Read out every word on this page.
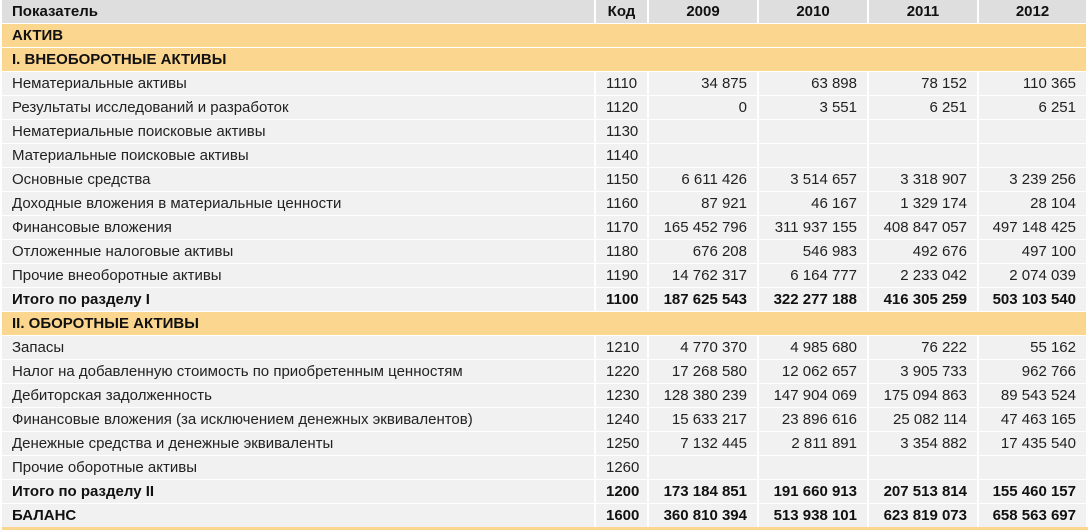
Показатель	Код	2009	2010	2011	2012
АКТИВ					
I. ВНЕОБОРОТНЫЕ АКТИВЫ					
Нематериальные активы	1110	34 875	63 898	78 152	110 365
Результаты исследований и разработок	1120	0	3 551	6 251	6 251
Нематериальные поисковые активы	1130				
Материальные поисковые активы	1140				
Основные средства	1150	6 611 426	3 514 657	3 318 907	3 239 256
Доходные вложения в материальные ценности	1160	87 921	46 167	1 329 174	28 104
Финансовые вложения	1170	165 452 796	311 937 155	408 847 057	497 148 425
Отложенные налоговые активы	1180	676 208	546 983	492 676	497 100
Прочие внеоборотные активы	1190	14 762 317	6 164 777	2 233 042	2 074 039
Итого по разделу I	1100	187 625 543	322 277 188	416 305 259	503 103 540
II. ОБОРОТНЫЕ АКТИВЫ					
Запасы	1210	4 770 370	4 985 680	76 222	55 162
Налог на добавленную стоимость по приобретенным ценностям	1220	17 268 580	12 062 657	3 905 733	962 766
Дебиторская задолженность	1230	128 380 239	147 904 069	175 094 863	89 543 524
Финансовые вложения (за исключением денежных эквивалентов)	1240	15 633 217	23 896 616	25 082 114	47 463 165
Денежные средства и денежные эквиваленты	1250	7 132 445	2 811 891	3 354 882	17 435 540
Прочие оборотные активы	1260				
Итого по разделу II	1200	173 184 851	191 660 913	207 513 814	155 460 157
БАЛАНС	1600	360 810 394	513 938 101	623 819 073	658 563 697
